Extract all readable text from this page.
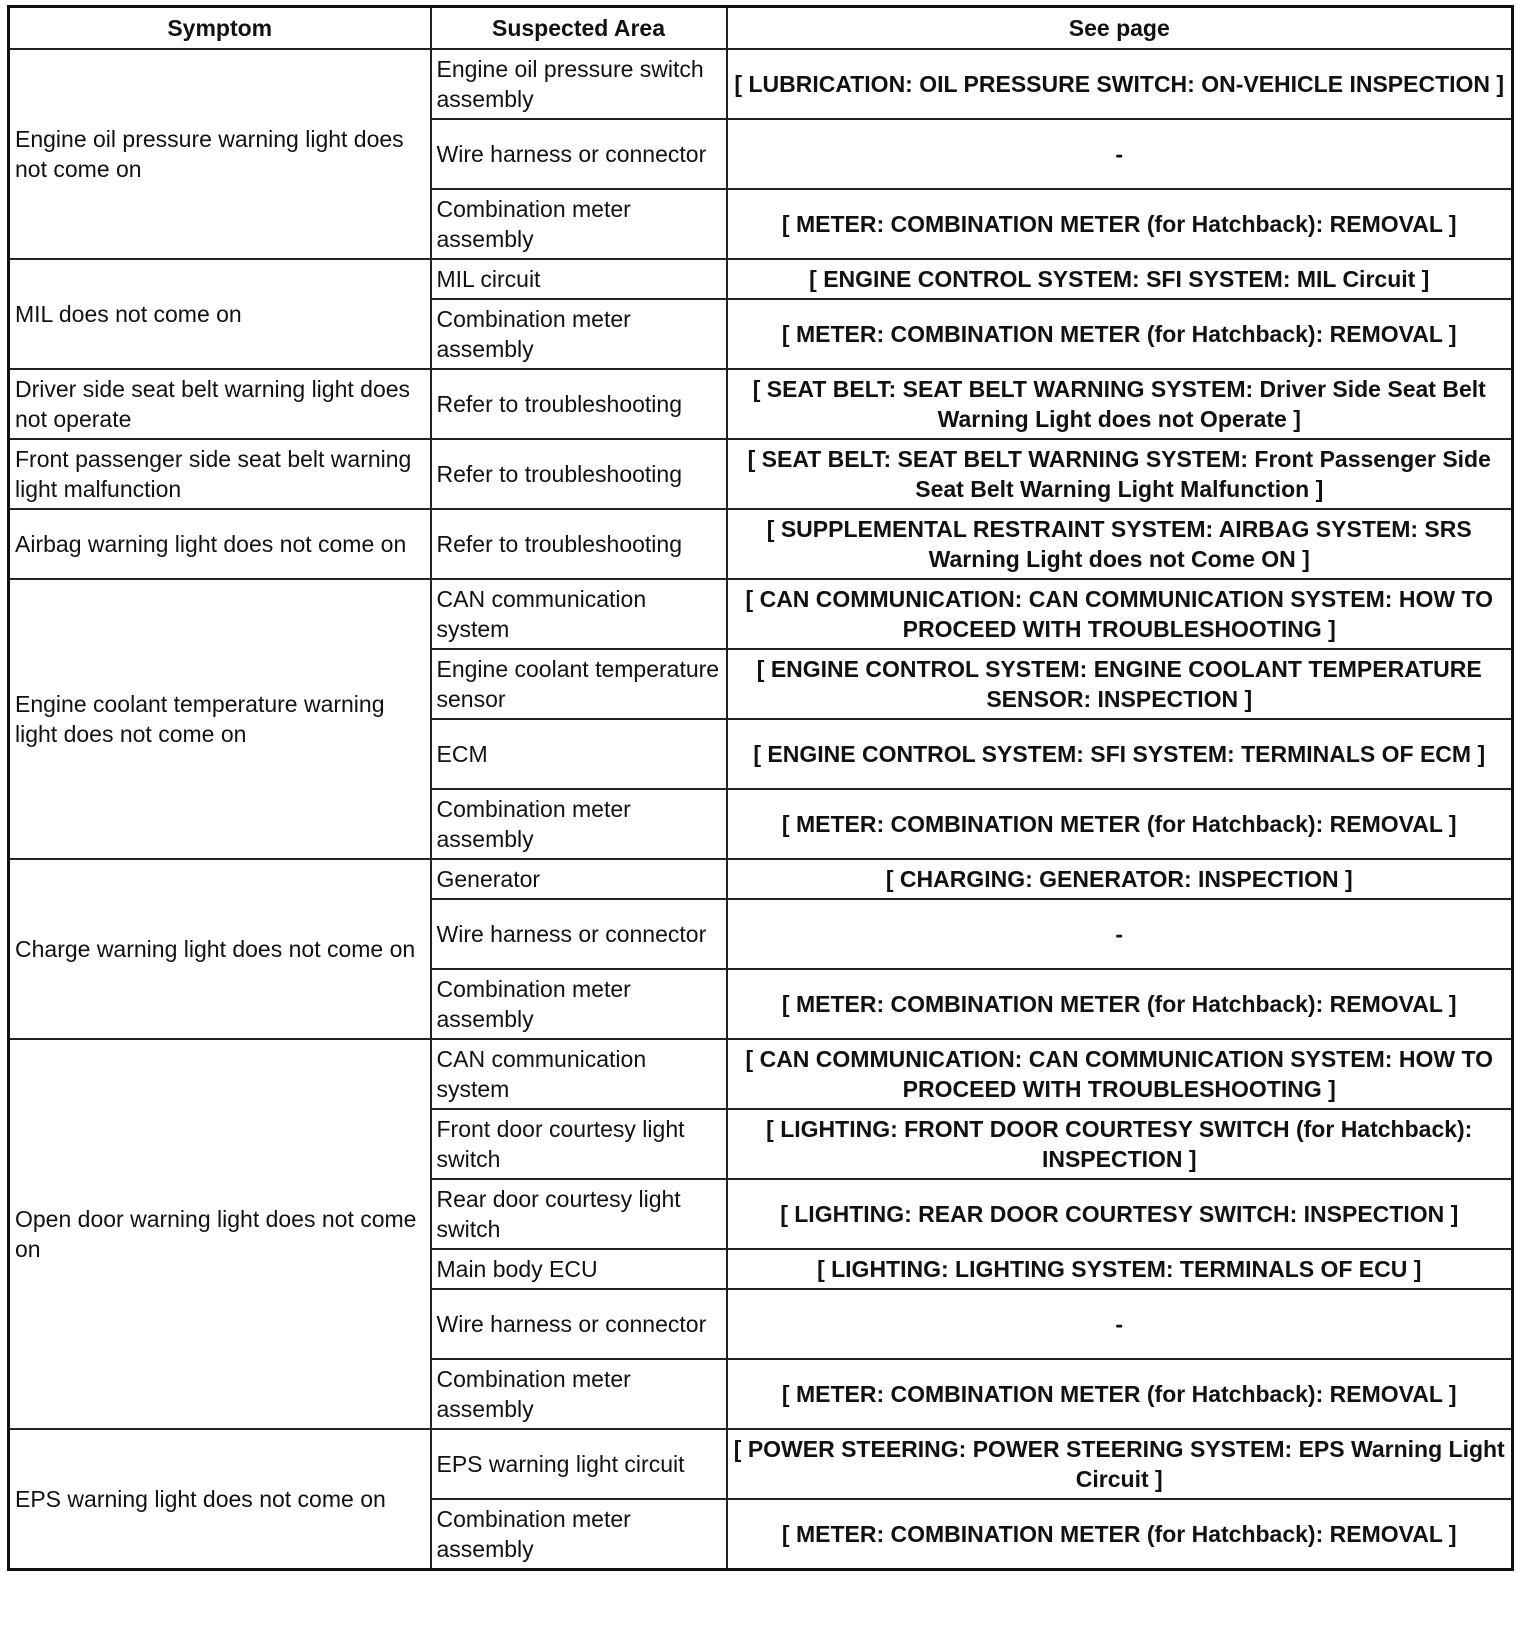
Symptom	Suspected Area	See page
Engine oil pressure warning light does not come on	Engine oil pressure switch assembly	[ LUBRICATION: OIL PRESSURE SWITCH: ON-VEHICLE INSPECTION ]
	Wire harness or connector	-
	Combination meter assembly	[ METER: COMBINATION METER (for Hatchback): REMOVAL ]
MIL does not come on	MIL circuit	[ ENGINE CONTROL SYSTEM: SFI SYSTEM: MIL Circuit ]
	Combination meter assembly	[ METER: COMBINATION METER (for Hatchback): REMOVAL ]
Driver side seat belt warning light does not operate	Refer to troubleshooting	[ SEAT BELT: SEAT BELT WARNING SYSTEM: Driver Side Seat Belt Warning Light does not Operate ]
Front passenger side seat belt warning light malfunction	Refer to troubleshooting	[ SEAT BELT: SEAT BELT WARNING SYSTEM: Front Passenger Side Seat Belt Warning Light Malfunction ]
Airbag warning light does not come on	Refer to troubleshooting	[ SUPPLEMENTAL RESTRAINT SYSTEM: AIRBAG SYSTEM: SRS Warning Light does not Come ON ]
Engine coolant temperature warning light does not come on	CAN communication system	[ CAN COMMUNICATION: CAN COMMUNICATION SYSTEM: HOW TO PROCEED WITH TROUBLESHOOTING ]
	Engine coolant temperature sensor	[ ENGINE CONTROL SYSTEM: ENGINE COOLANT TEMPERATURE SENSOR: INSPECTION ]
	ECM	[ ENGINE CONTROL SYSTEM: SFI SYSTEM: TERMINALS OF ECM ]
	Combination meter assembly	[ METER: COMBINATION METER (for Hatchback): REMOVAL ]
Charge warning light does not come on	Generator	[ CHARGING: GENERATOR: INSPECTION ]
	Wire harness or connector	-
	Combination meter assembly	[ METER: COMBINATION METER (for Hatchback): REMOVAL ]
Open door warning light does not come on	CAN communication system	[ CAN COMMUNICATION: CAN COMMUNICATION SYSTEM: HOW TO PROCEED WITH TROUBLESHOOTING ]
	Front door courtesy light switch	[ LIGHTING: FRONT DOOR COURTESY SWITCH (for Hatchback): INSPECTION ]
	Rear door courtesy light switch	[ LIGHTING: REAR DOOR COURTESY SWITCH: INSPECTION ]
	Main body ECU	[ LIGHTING: LIGHTING SYSTEM: TERMINALS OF ECU ]
	Wire harness or connector	-
	Combination meter assembly	[ METER: COMBINATION METER (for Hatchback): REMOVAL ]
EPS warning light does not come on	EPS warning light circuit	[ POWER STEERING: POWER STEERING SYSTEM: EPS Warning Light Circuit ]
	Combination meter assembly	[ METER: COMBINATION METER (for Hatchback): REMOVAL ]
